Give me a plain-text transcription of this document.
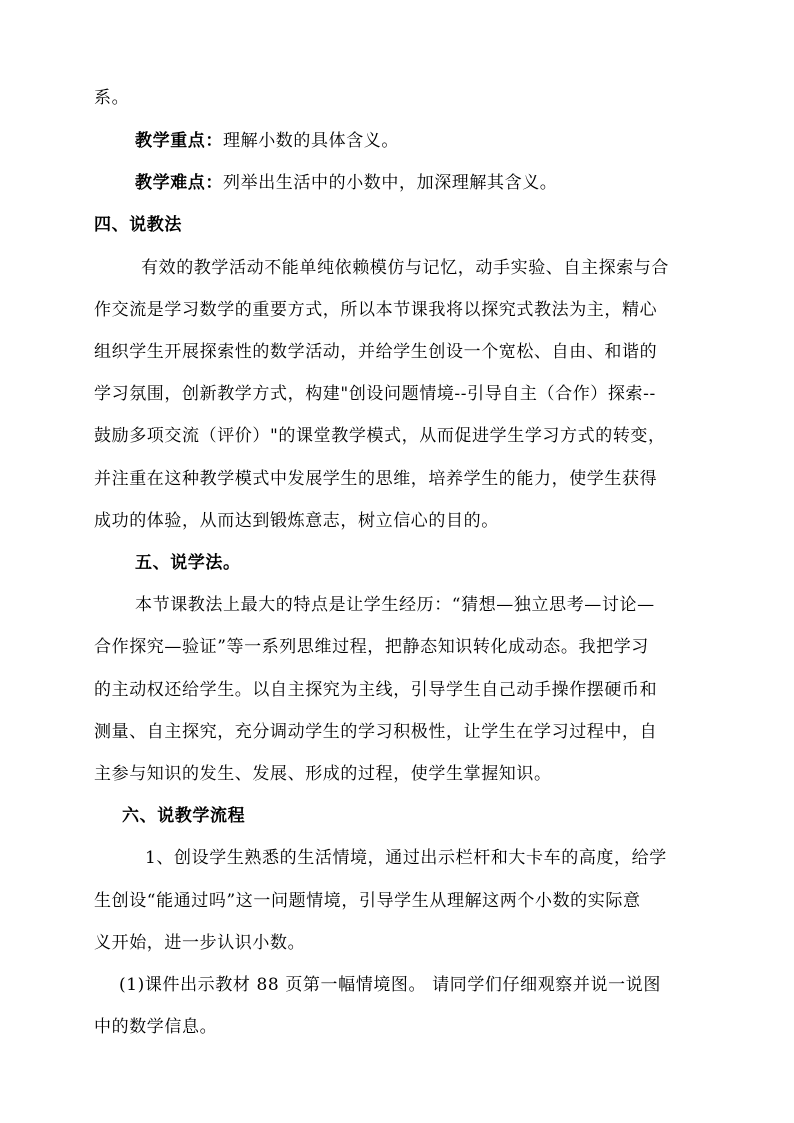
系。
教学重点：理解小数的具体含义。
教学难点：列举出生活中的小数中，加深理解其含义。
四、说教法
有效的教学活动不能单纯依赖模仿与记忆，动手实验、自主探索与合
作交流是学习数学的重要方式，所以本节课我将以探究式教法为主，精心
组织学生开展探索性的数学活动，并给学生创设一个宽松、自由、和谐的
学习氛围，创新教学方式，构建"创设问题情境--引导自主（合作）探索--
鼓励多项交流（评价）"的课堂教学模式，从而促进学生学习方式的转变，
并注重在这种教学模式中发展学生的思维，培养学生的能力，使学生获得
成功的体验，从而达到锻炼意志，树立信心的目的。
五、说学法。
本节课教法上最大的特点是让学生经历：“猜想—独立思考—讨论—
合作探究—验证”等一系列思维过程，把静态知识转化成动态。我把学习
的主动权还给学生。以自主探究为主线，引导学生自己动手操作摆硬币和
测量、自主探究，充分调动学生的学习积极性，让学生在学习过程中，自
主参与知识的发生、发展、形成的过程，使学生掌握知识。
六、说教学流程
1、创设学生熟悉的生活情境，通过出示栏杆和大卡车的高度，给学
生创设“能通过吗”这一问题情境，引导学生从理解这两个小数的实际意
义开始，进一步认识小数。
(1)课件出示教材 88 页第一幅情境图。 请同学们仔细观察并说一说图
中的数学信息。
